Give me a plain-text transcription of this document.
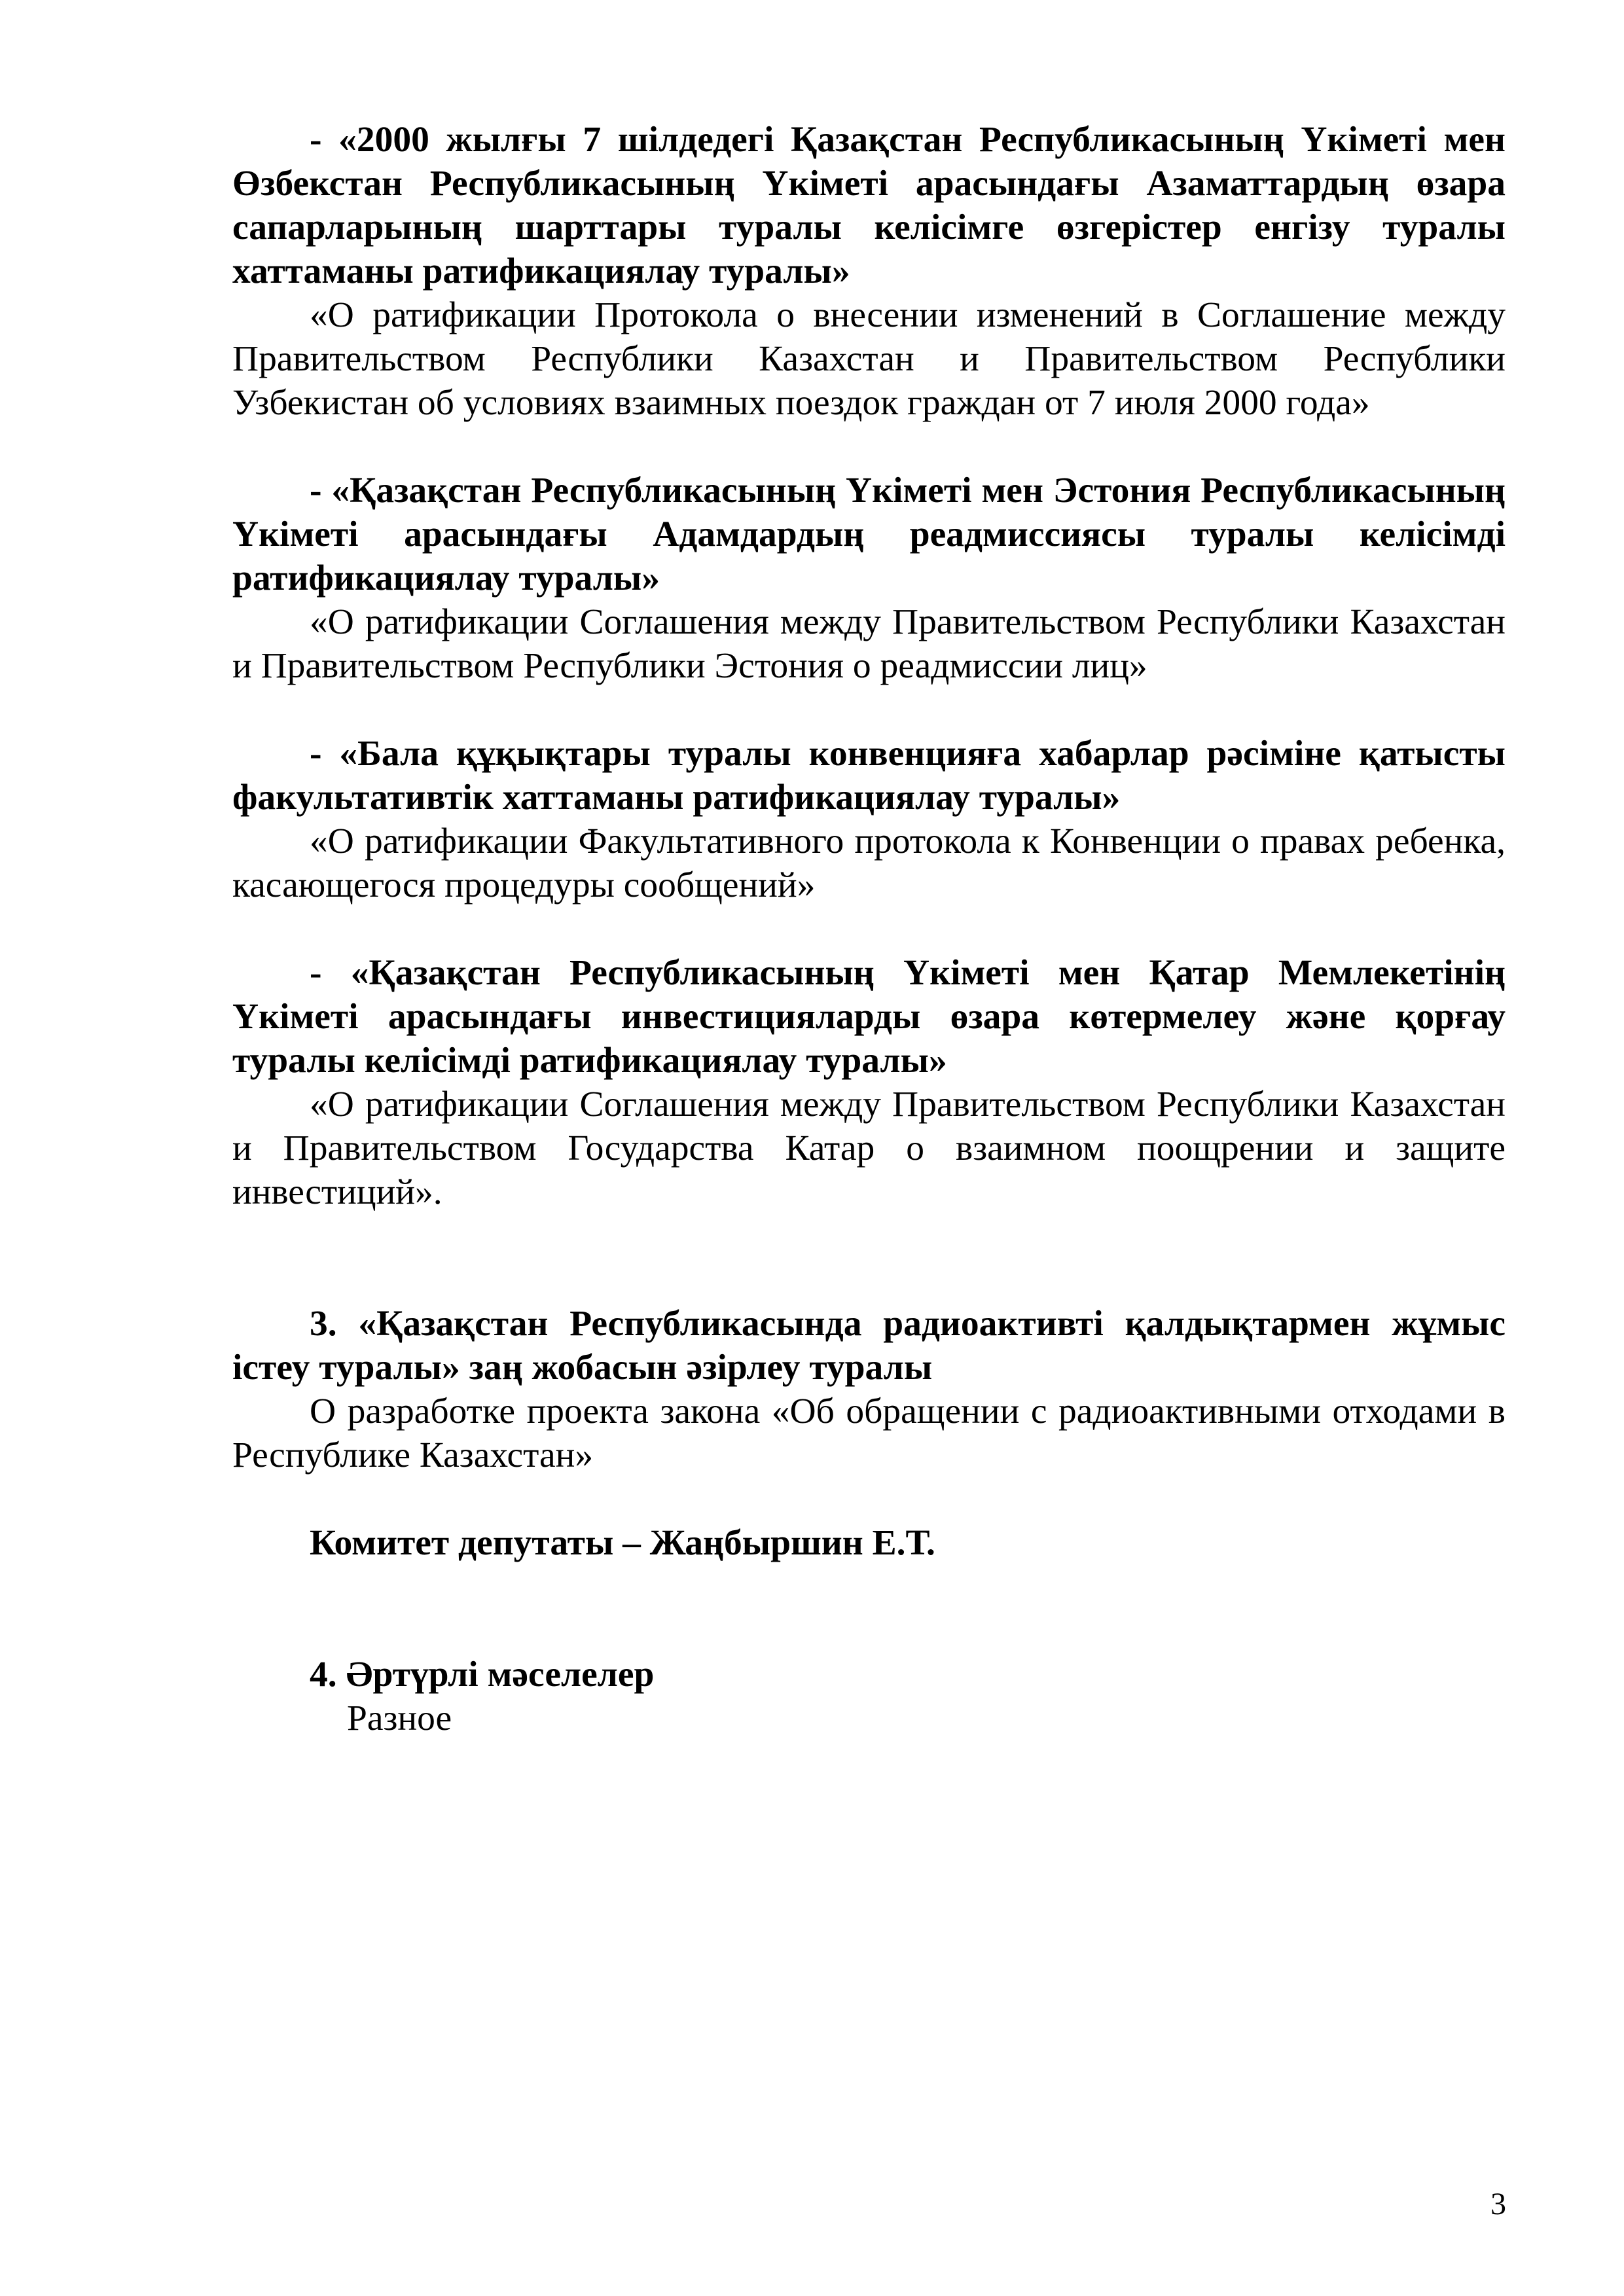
- «2000 жылғы 7 шілдедегі Қазақстан Республикасының Үкіметі мен Өзбекстан Республикасының Үкіметі арасындағы Азаматтардың өзара сапарларының шарттары туралы келісімге өзгерістер енгізу туралы хаттаманы ратификациялау туралы»

«О ратификации Протокола о внесении изменений в Соглашение между Правительством Республики Казахстан и Правительством Республики Узбекистан об условиях взаимных поездок граждан от 7 июля 2000 года»

- «Қазақстан Республикасының Үкіметі мен Эстония Республикасының Үкіметі арасындағы Адамдардың реадмиссиясы туралы келісімді ратификациялау туралы»

«О ратификации Соглашения между Правительством Республики Казахстан и Правительством Республики Эстония о реадмиссии лиц»

- «Бала құқықтары туралы конвенцияға хабарлар рәсіміне қатысты факультативтік хаттаманы ратификациялау туралы»

«О ратификации Факультативного протокола к Конвенции о правах ребенка, касающегося процедуры сообщений»

- «Қазақстан Республикасының Үкіметі мен Қатар Мемлекетінің Үкіметі арасындағы инвестицияларды өзара көтермелеу және қорғау туралы келісімді ратификациялау туралы»

«О ратификации Соглашения между Правительством Республики Казахстан и Правительством Государства Катар о взаимном поощрении и защите инвестиций».

3. «Қазақстан Республикасында радиоактивті қалдықтармен жұмыс істеу туралы» заң жобасын әзірлеу туралы

О разработке проекта закона «Об обращении с радиоактивными отходами в Республике Казахстан»

Комитет депутаты – Жаңбыршин Е.Т.

4. Әртүрлі мәселелер

Разное

3
